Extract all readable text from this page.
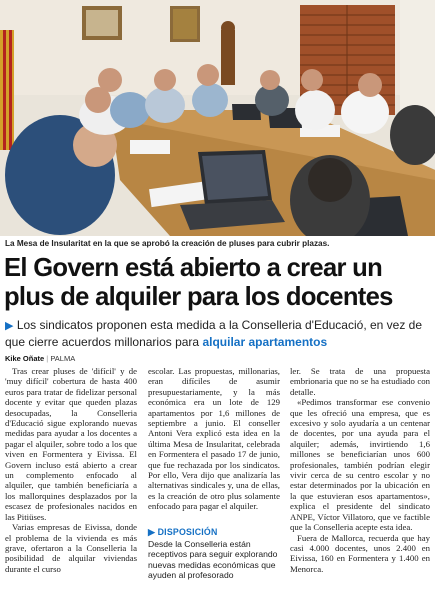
La Mesa de Insularitat en la que se aprobó la creación de pluses para cubrir plazas.
El Govern está abierto a crear un
plus de alquiler para los docentes
▶ Los sindicatos proponen esta medida a la Conselleria d'Educació, en vez de que cierre acuerdos millonarios para alquilar apartamentos
Kike Oñate | PALMA

Tras crear pluses de 'difícil' y de 'muy difícil' cobertura de hasta 400 euros para tratar de fidelizar personal docente y evitar que queden plazas desocupadas, la Conselleria d'Educació sigue explorando nuevas medidas para ayudar a los docentes a pagar el alquiler, sobre todo a los que viven en Formentera y Eivissa. El Govern incluso está abierto a crear un complemento enfocado al alquiler, que también beneficiaría a los mallorquines desplazados por la escasez de profesionales nacidos en las Pitiüses.

Varias empresas de Eivissa, donde el problema de la vivienda es más grave, ofertaron a la Conselleria la posibilidad de alquilar viviendas durante el curso

escolar. Las propuestas, millonarias, eran difíciles de asumir presupuestariamente, y la más económica era un lote de 129 apartamentos por 1,6 millones de septiembre a junio. El conseller Antoni Vera explicó esta idea en la última Mesa de Insularitat, celebrada en Formentera el pasado 17 de junio, que fue rechazada por los sindicatos. Por ello, Vera dijo que analizaría las alternativas sindicales y, una de ellas, es la creación de otro plus solamente enfocado para pagar el alquiler.

▶ DISPOSICIÓN
Desde la Conselleria están receptivos para seguir explorando nuevas medidas económicas que ayuden al profesorado

ler. Se trata de una propuesta embrionaria que no se ha estudiado con detalle.

«Pedimos transformar ese convenio que les ofreció una empresa, que es excesivo y solo ayudaría a un centenar de docentes, por una ayuda para el alquiler; además, invirtiendo 1,6 millones se beneficiarían unos 600 profesionales, también podrían elegir vivir cerca de su centro escolar y no estar determinados por la ubicación en la que estuvieran esos apartamentos», explica el presidente del sindicato ANPE, Víctor Villatoro, que ve factible que la Conselleria acepte esta idea.

Fuera de Mallorca, recuerda que hay casi 4.000 docentes, unos 2.400 en Eivissa, 160 en Formentera y 1.400 en Menorca.
